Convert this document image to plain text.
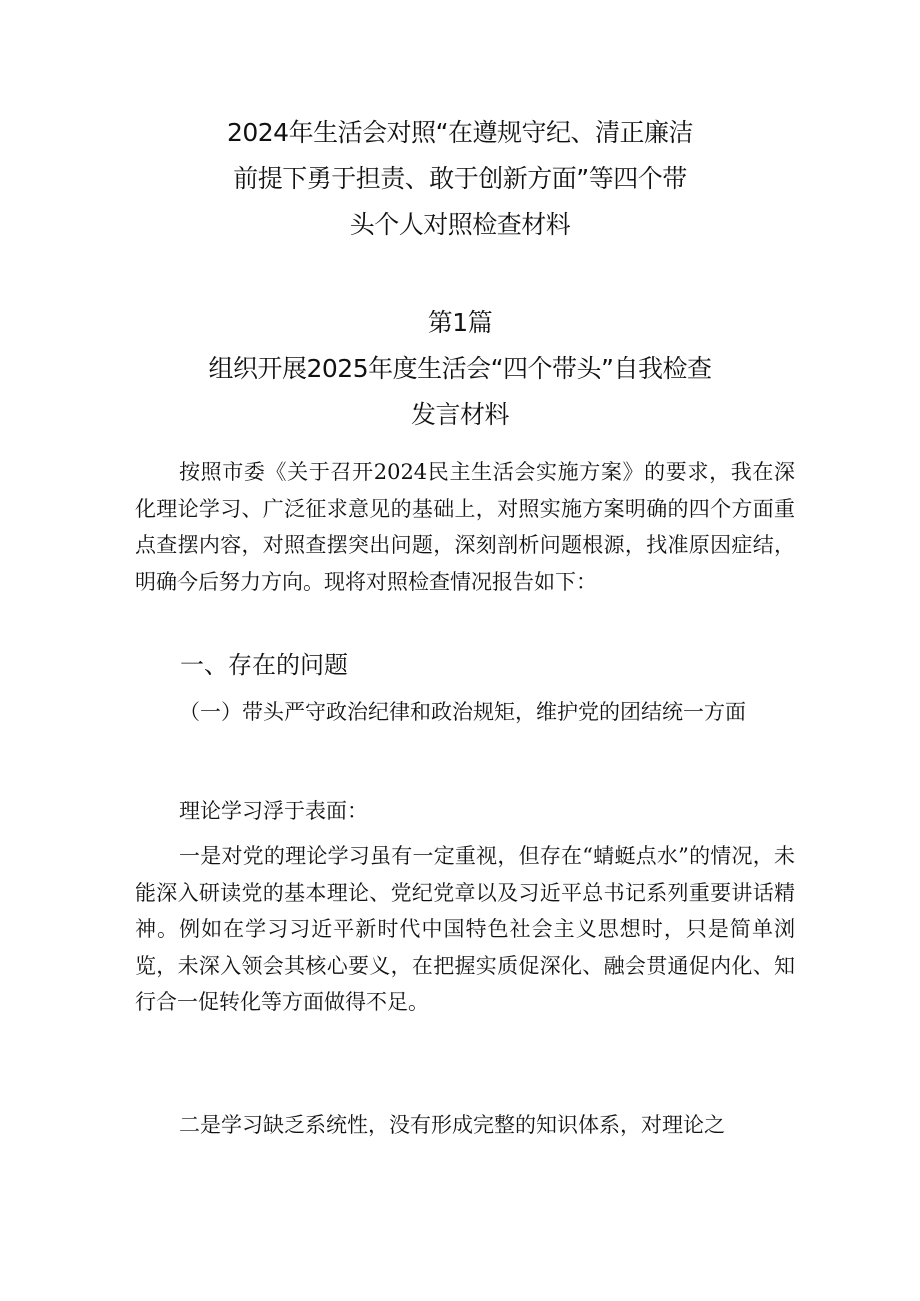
2024年生活会对照“在遵规守纪、清正廉洁
前提下勇于担责、敢于创新方面”等四个带
头个人对照检查材料
第1篇
组织开展2025年度生活会“四个带头”自我检查
发言材料

按照市委《关于召开2024民主生活会实施方案》的要求，我在深化理论学习、广泛征求意见的基础上，对照实施方案明确的四个方面重点查摆内容，对照查摆突出问题，深刻剖析问题根源，找准原因症结，明确今后努力方向。现将对照检查情况报告如下：

一、存在的问题

（一）带头严守政治纪律和政治规矩，维护党的团结统一方面

理论学习浮于表面：

一是对党的理论学习虽有一定重视，但存在“蜻蜓点水”的情况，未能深入研读党的基本理论、党纪党章以及习近平总书记系列重要讲话精神。例如在学习习近平新时代中国特色社会主义思想时，只是简单浏览，未深入领会其核心要义，在把握实质促深化、融会贯通促内化、知行合一促转化等方面做得不足。

二是学习缺乏系统性，没有形成完整的知识体系，对理论之
